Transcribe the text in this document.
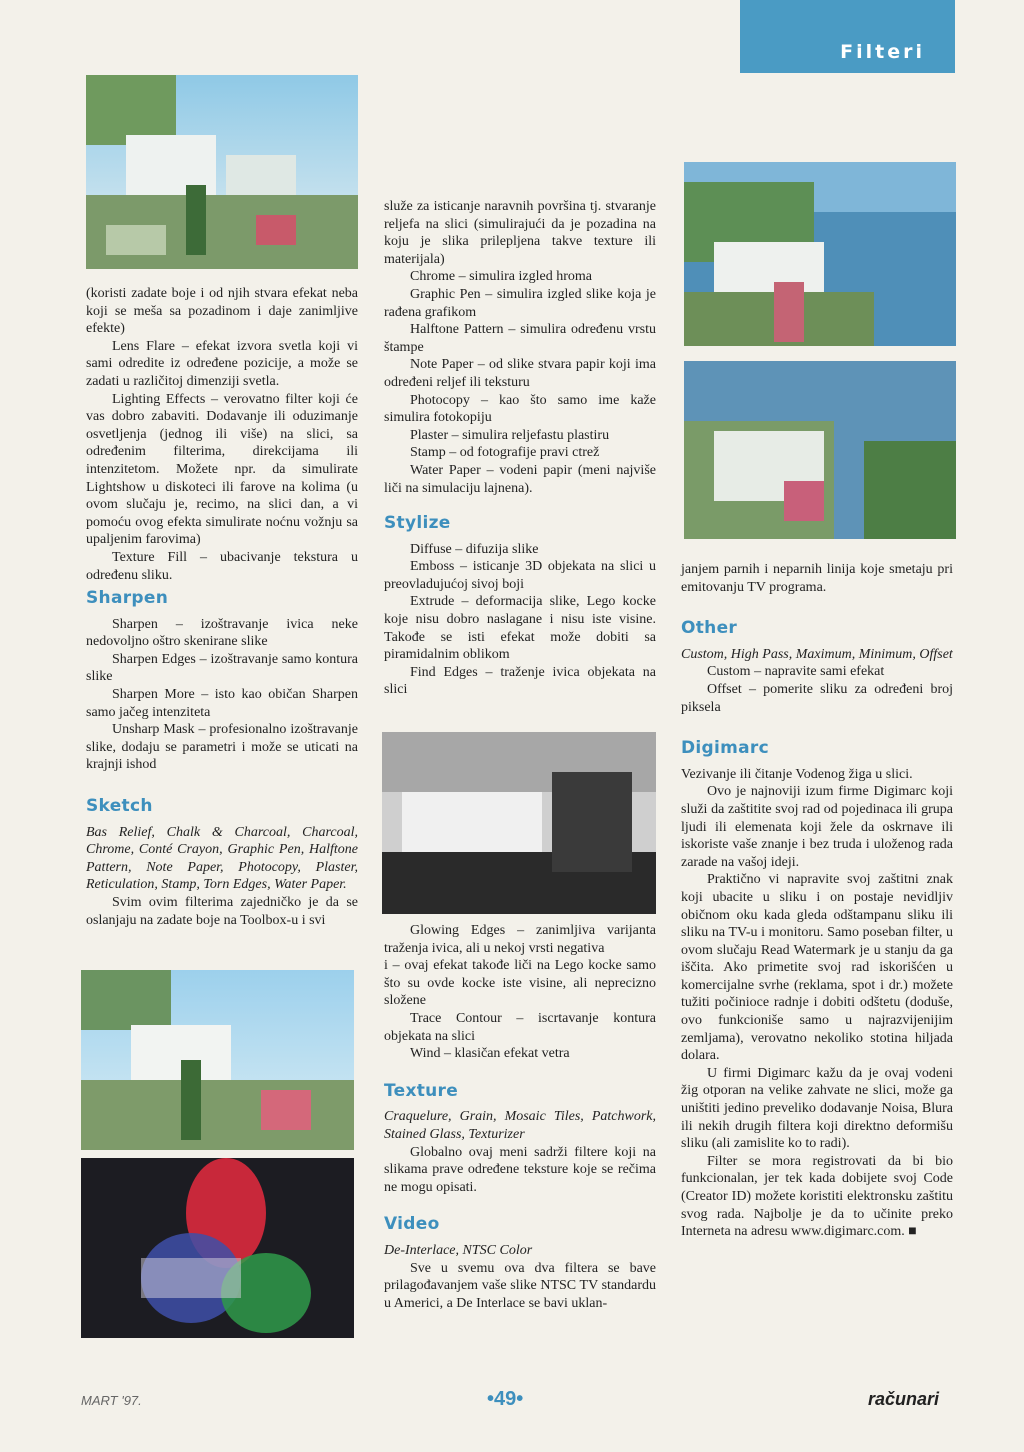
Filteri

(koristi zadate boje i od njih stvara efekat neba koji se meša sa pozadinom i daje zanimljive efekte)

Lens Flare – efekat izvora svetla koji vi sami odredite iz određene pozicije, a može se zadati u različitoj dimenziji svetla.

Lighting Effects – verovatno filter koji će vas dobro zabaviti. Dodavanje ili oduzimanje osvetljenja (jednog ili više) na slici, sa određenim filterima, direkcijama ili intenzitetom. Možete npr. da simulirate Lightshow u diskoteci ili farove na kolima (u ovom slučaju je, recimo, na slici dan, a vi pomoću ovog efekta simulirate noćnu vožnju sa upaljenim farovima)

Texture Fill – ubacivanje tekstura u određenu sliku.

Sharpen

Sharpen – izoštravanje ivica neke nedovoljno oštro skenirane slike

Sharpen Edges – izoštravanje samo kontura slike

Sharpen More – isto kao običan Sharpen samo jačeg intenziteta

Unsharp Mask – profesionalno izoštravanje slike, dodaju se parametri i može se uticati na krajnji ishod

Sketch

Bas Relief, Chalk & Charcoal, Charcoal, Chrome, Conté Crayon, Graphic Pen, Halftone Pattern, Note Paper, Photocopy, Plaster, Reticulation, Stamp, Torn Edges, Water Paper.

Svim ovim filterima zajedničko je da se oslanjaju na zadate boje na Toolbox-u i svi

služe za isticanje naravnih površina tj. stvaranje reljefa na slici (simulirajući da je pozadina na koju je slika prilepljena takve texture ili materijala)

Chrome – simulira izgled hroma

Graphic Pen – simulira izgled slike koja je rađena grafikom

Halftone Pattern – simulira određenu vrstu štampe

Note Paper – od slike stvara papir koji ima određeni reljef ili teksturu

Photocopy – kao što samo ime kaže simulira fotokopiju

Plaster – simulira reljefastu plastiru

Stamp – od fotografije pravi ctrež

Water Paper – vodeni papir (meni najviše liči na simulaciju lajnena).

Stylize

Diffuse – difuzija slike

Emboss – isticanje 3D objekata na slici u preovladujućoj sivoj boji

Extrude – deformacija slike, Lego kocke koje nisu dobro naslagane i nisu iste visine. Takođe se isti efekat može dobiti sa piramidalnim oblikom

Find Edges – traženje ivica objekata na slici

Glowing Edges – zanimljiva varijanta traženja ivica, ali u nekoj vrsti negativa

i – ovaj efekat takođe liči na Lego kocke samo što su ovde kocke iste visine, ali neprecizno složene

Trace Contour – iscrtavanje kontura objekata na slici

Wind – klasičan efekat vetra

Texture

Craquelure, Grain, Mosaic Tiles, Patchwork, Stained Glass, Texturizer

Globalno ovaj meni sadrži filtere koji na slikama prave određene teksture koje se rečima ne mogu opisati.

Video

De-Interlace, NTSC Color

Sve u svemu ova dva filtera se bave prilagođavanjem vaše slike NTSC TV standardu u Americi, a De Interlace se bavi uklan-

janjem parnih i neparnih linija koje smetaju pri emitovanju TV programa.

Other

Custom, High Pass, Maximum, Minimum, Offset

Custom – napravite sami efekat

Offset – pomerite sliku za određeni broj piksela

Digimarc

Vezivanje ili čitanje Vodenog žiga u slici.

Ovo je najnoviji izum firme Digimarc koji služi da zaštitite svoj rad od pojedinaca ili grupa ljudi ili elemenata koji žele da oskrnave ili iskoriste vaše znanje i bez truda i uloženog rada zarade na vašoj ideji.

Praktično vi napravite svoj zaštitni znak koji ubacite u sliku i on postaje nevidljiv običnom oku kada gleda odštampanu sliku ili sliku na TV-u i monitoru. Samo poseban filter, u ovom slučaju Read Watermark je u stanju da ga iščita. Ako primetite svoj rad iskorišćen u komercijalne svrhe (reklama, spot i dr.) možete tužiti počinioce radnje i dobiti odštetu (doduše, ovo funkcioniše samo u najrazvijenijim zemljama), verovatno nekoliko stotina hiljada dolara.

U firmi Digimarc kažu da je ovaj vodeni žig otporan na velike zahvate ne slici, može ga uništiti jedino preveliko dodavanje Noisa, Blura ili nekih drugih filtera koji direktno deformišu sliku (ali zamislite ko to radi).

Filter se mora registrovati da bi bio funkcionalan, jer tek kada dobijete svoj Code (Creator ID) možete koristiti elektronsku zaštitu svog rada. Najbolje je da to učinite preko Interneta na adresu www.digimarc.com. ■

MART '97.	•49•	računari
